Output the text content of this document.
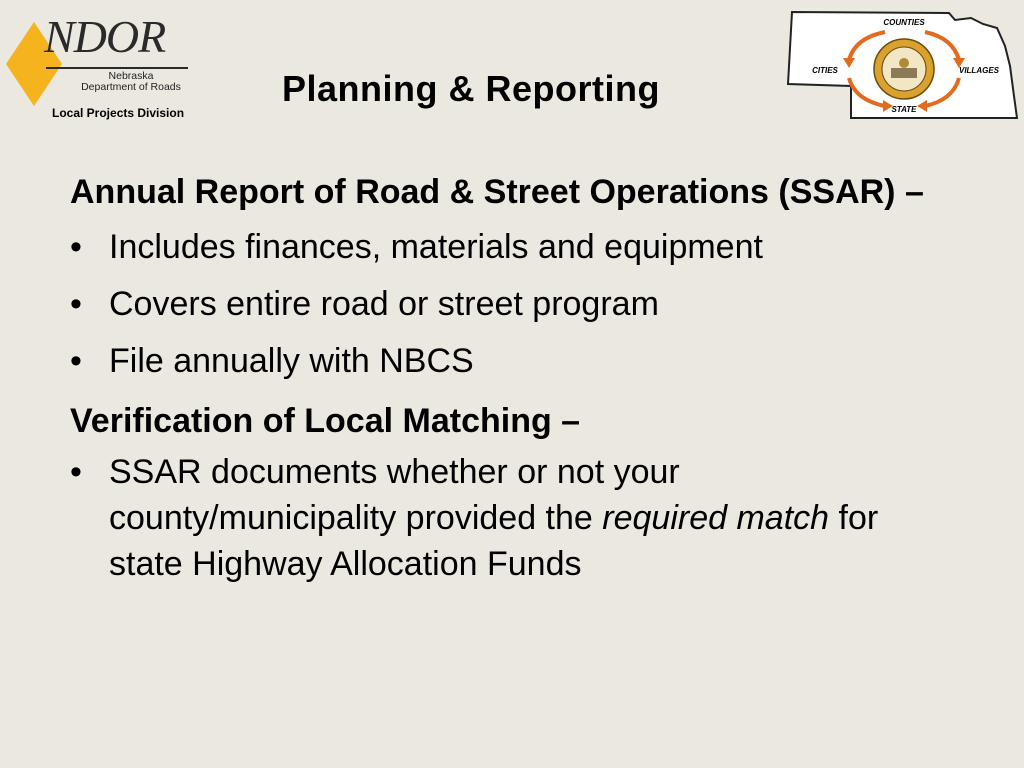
NDOR
Nebraska
Department of Roads
Local Projects Division
Planning & Reporting
COUNTIES
CITIES	VILLAGES
STATE

Annual Report of Road & Street Operations (SSAR) –

• Includes finances, materials and equipment
• Covers entire road or street program
• File annually with NBCS

Verification of Local Matching –

• SSAR documents whether or not your county/municipality provided the required match for state Highway Allocation Funds
